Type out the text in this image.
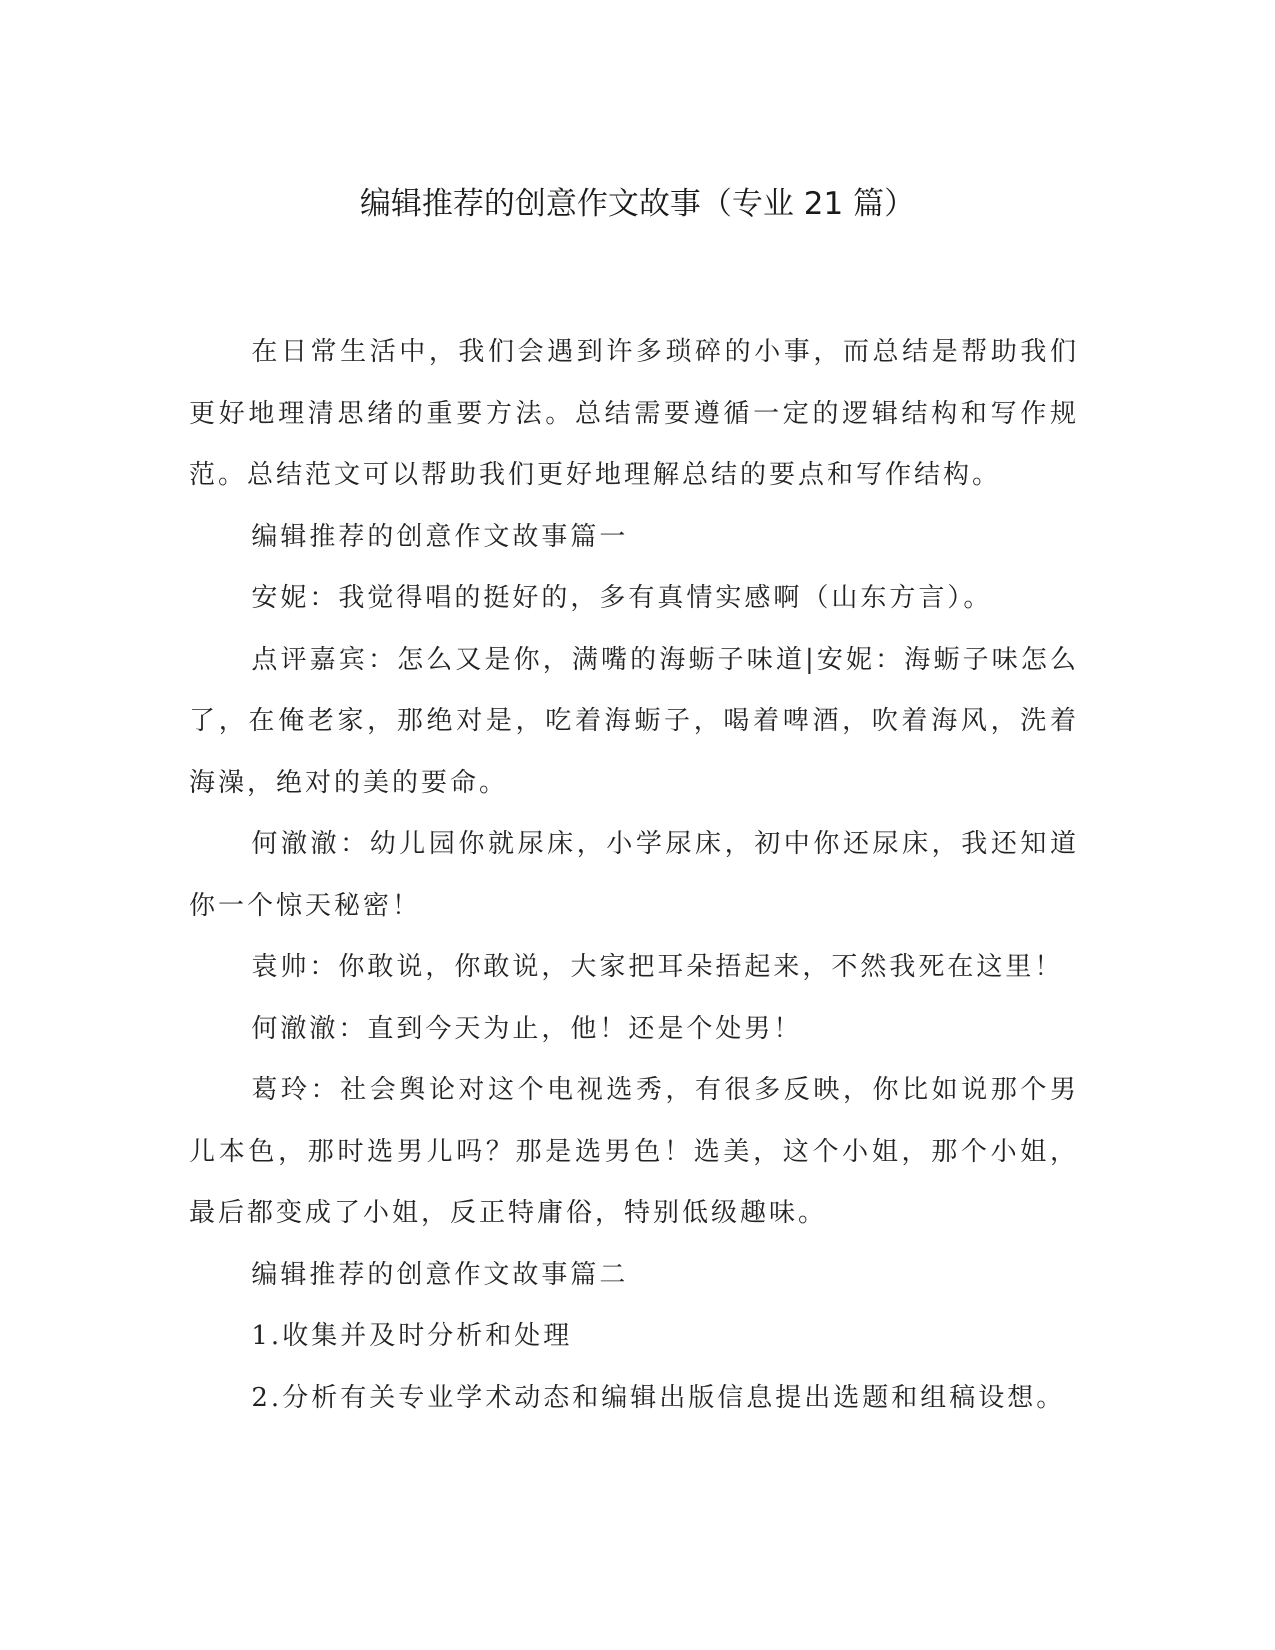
编辑推荐的创意作文故事（专业 21 篇）

在日常生活中，我们会遇到许多琐碎的小事，而总结是帮助我们更好地理清思绪的重要方法。总结需要遵循一定的逻辑结构和写作规范。总结范文可以帮助我们更好地理解总结的要点和写作结构。

编辑推荐的创意作文故事篇一

安妮：我觉得唱的挺好的，多有真情实感啊（山东方言）。

点评嘉宾：怎么又是你，满嘴的海蛎子味道|安妮：海蛎子味怎么了，在俺老家，那绝对是，吃着海蛎子，喝着啤酒，吹着海风，洗着海澡，绝对的美的要命。

何澈澈：幼儿园你就尿床，小学尿床，初中你还尿床，我还知道你一个惊天秘密！

袁帅：你敢说，你敢说，大家把耳朵捂起来，不然我死在这里！

何澈澈：直到今天为止，他！还是个处男！

葛玲：社会舆论对这个电视选秀，有很多反映，你比如说那个男儿本色，那时选男儿吗？那是选男色！选美，这个小姐，那个小姐，最后都变成了小姐，反正特庸俗，特别低级趣味。

编辑推荐的创意作文故事篇二

1.收集并及时分析和处理

2.分析有关专业学术动态和编辑出版信息提出选题和组稿设想。
